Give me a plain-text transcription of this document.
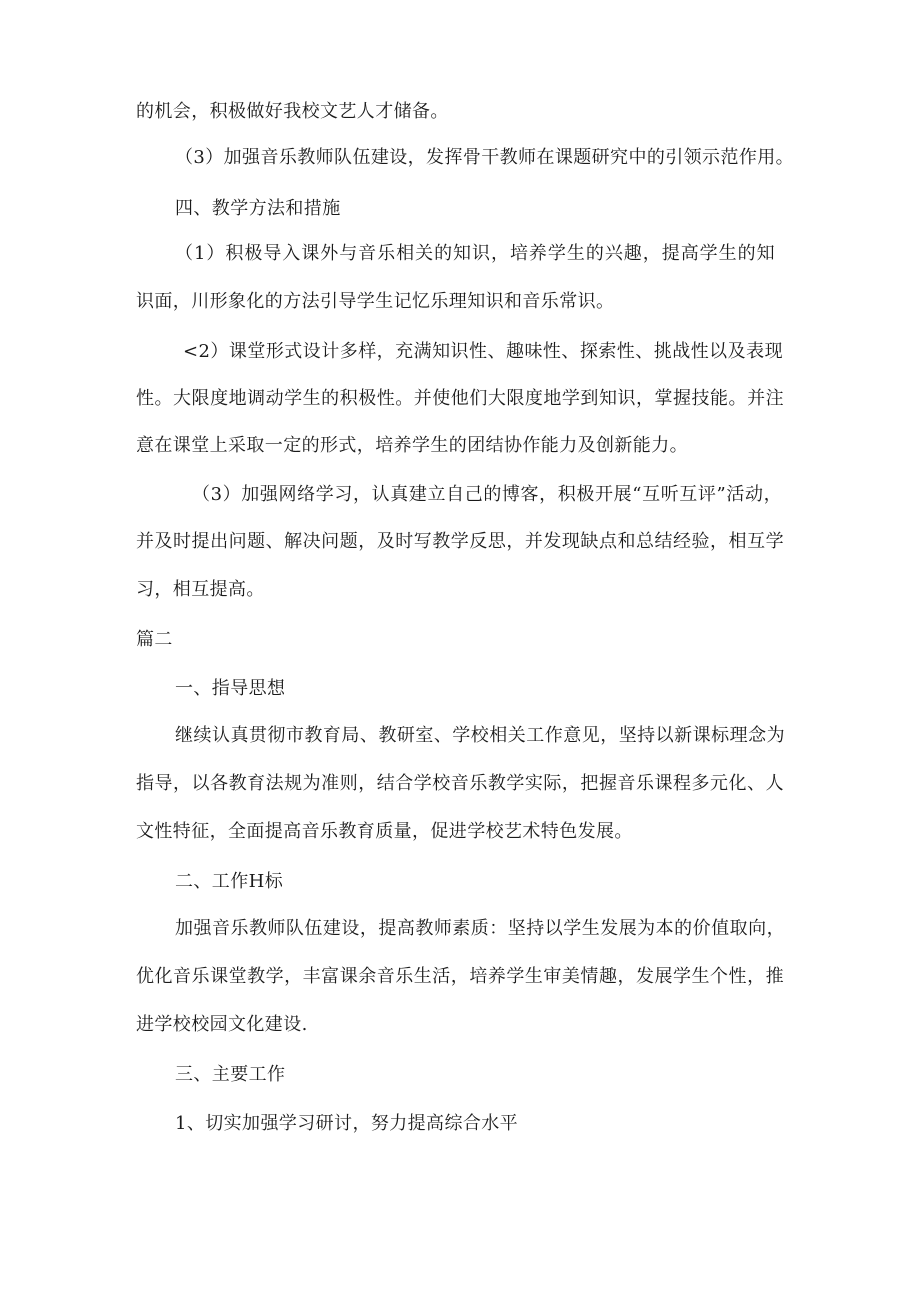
的机会，积极做好我校文艺人才储备。
（3）加强音乐教师队伍建设，发挥骨干教师在课题研究中的引领示范作用。
四、教学方法和措施
（1）积极导入课外与音乐相关的知识，培养学生的兴趣，提高学生的知
识面，川形象化的方法引导学生记忆乐理知识和音乐常识。
<2）课堂形式设计多样，充满知识性、趣味性、探索性、挑战性以及表现
性。大限度地调动学生的积极性。并使他们大限度地学到知识，掌握技能。并注
意在课堂上采取一定的形式，培养学生的团结协作能力及创新能力。
（3）加强网络学习，认真建立自己的博客，积极开展“互听互评”活动，
并及时提出问题、解决问题，及时写教学反思，并发现缺点和总结经验，相互学
习，相互提高。
篇二
一、指导思想
继续认真贯彻市教育局、教研室、学校相关工作意见，坚持以新课标理念为
指导，以各教育法规为准则，结合学校音乐教学实际，把握音乐课程多元化、人
文性特征，全面提高音乐教育质量，促进学校艺术特色发展。
二、工作H标
加强音乐教师队伍建设，提高教师素质：坚持以学生发展为本的价值取向，
优化音乐课堂教学，丰富课余音乐生活，培养学生审美情趣，发展学生个性，推
进学校校园文化建设.
三、主要工作
1、切实加强学习研讨，努力提高综合水平
